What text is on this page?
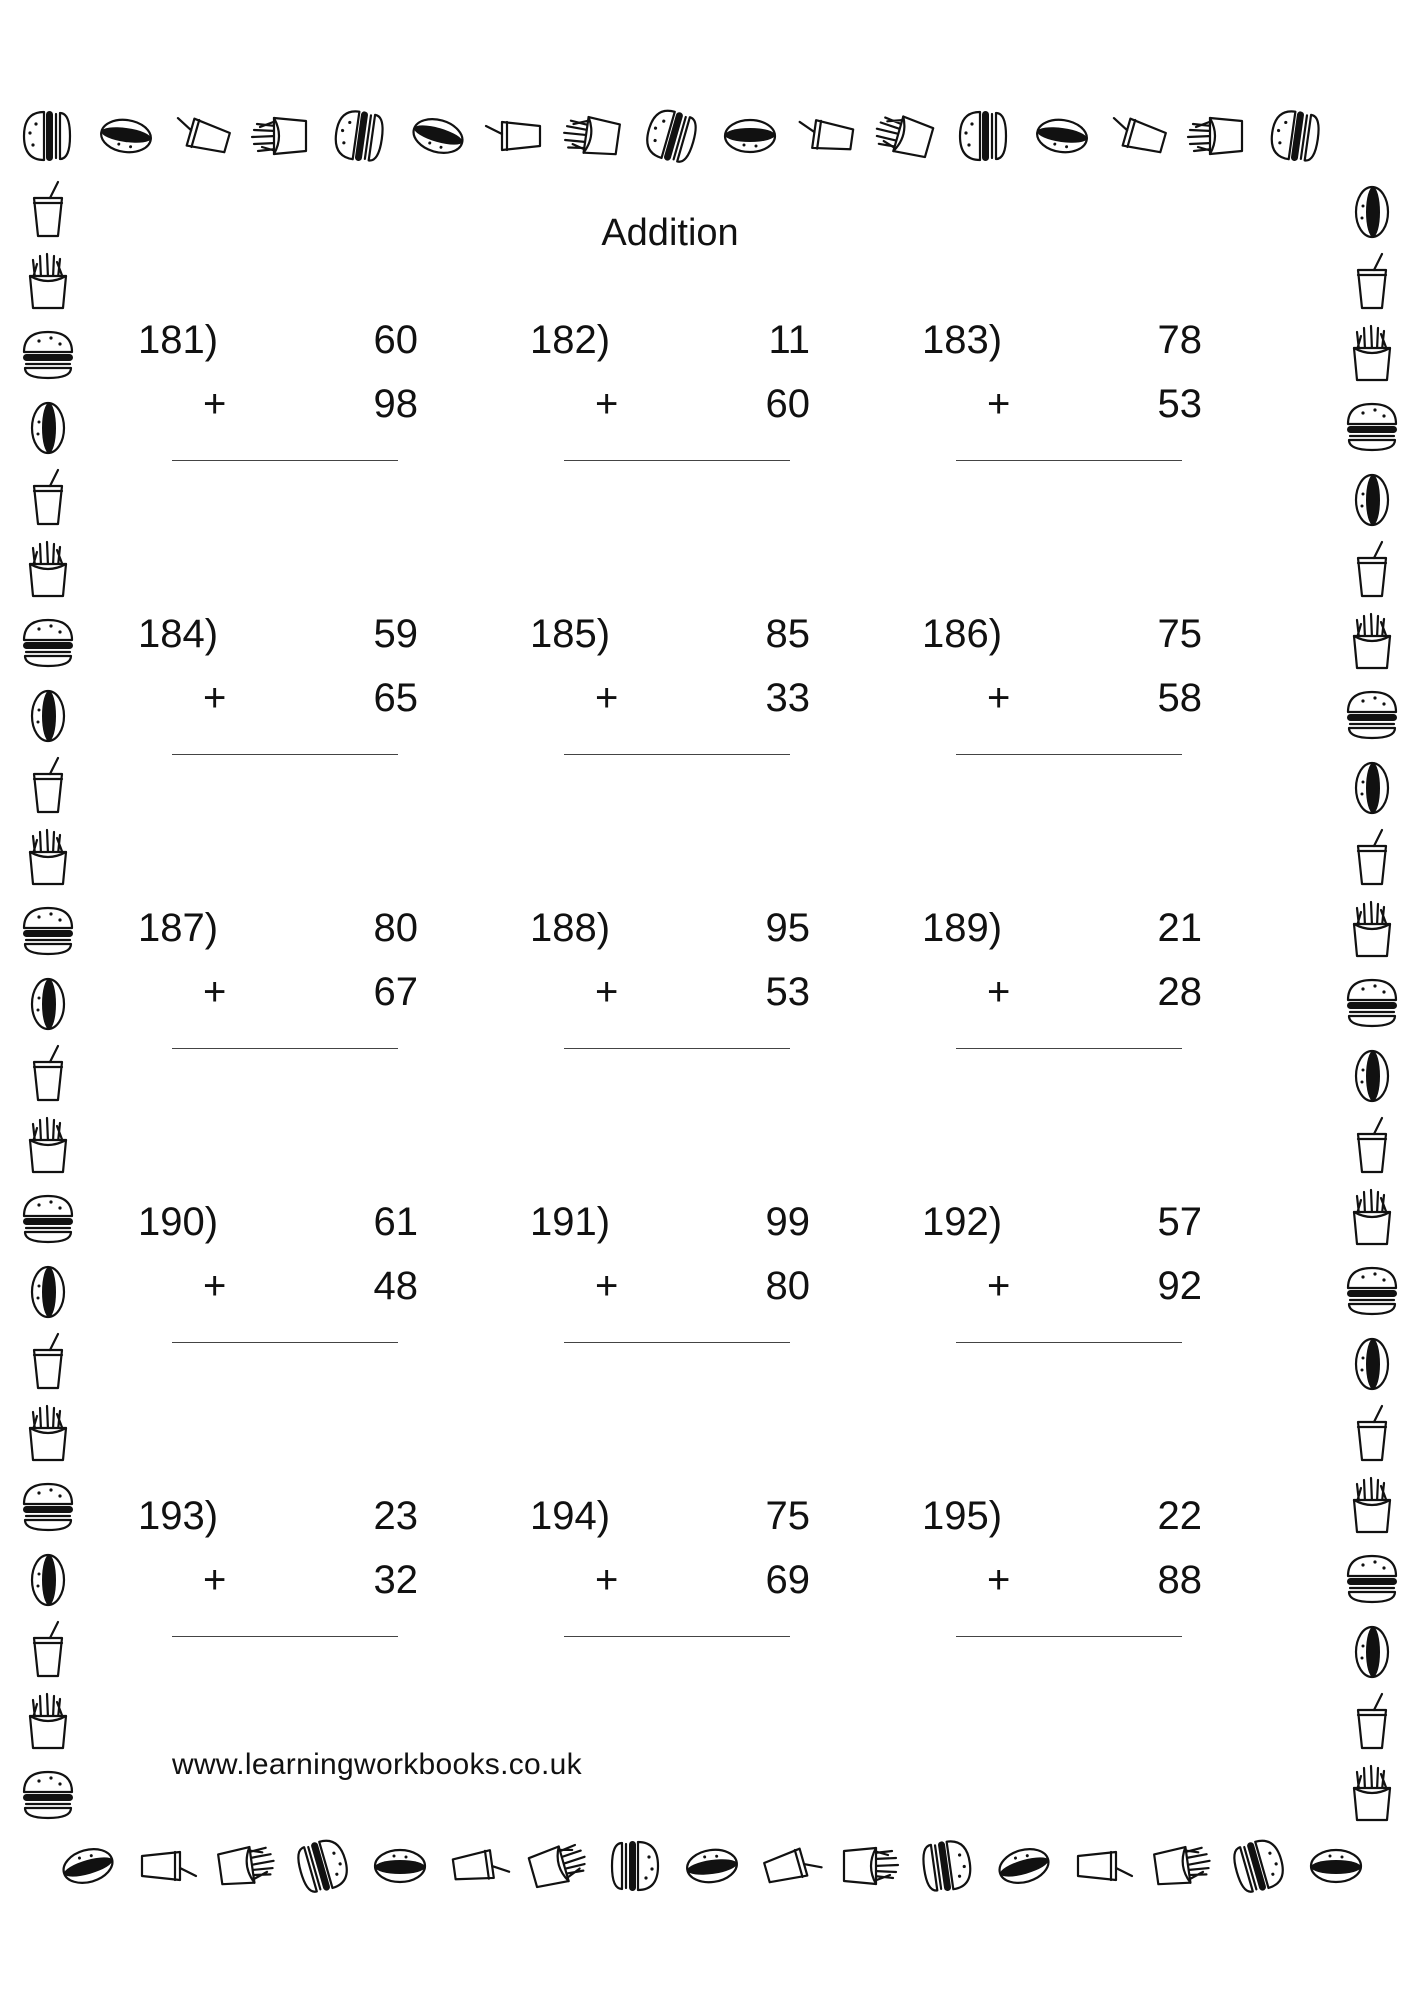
Addition
181)	60
+	98
182)	11
+	60
183)	78
+	53
184)	59
+	65
185)	85
+	33
186)	75
+	58
187)	80
+	67
188)	95
+	53
189)	21
+	28
190)	61
+	48
191)	99
+	80
192)	57
+	92
193)	23
+	32
194)	75
+	69
195)	22
+	88
www.learningworkbooks.co.uk
